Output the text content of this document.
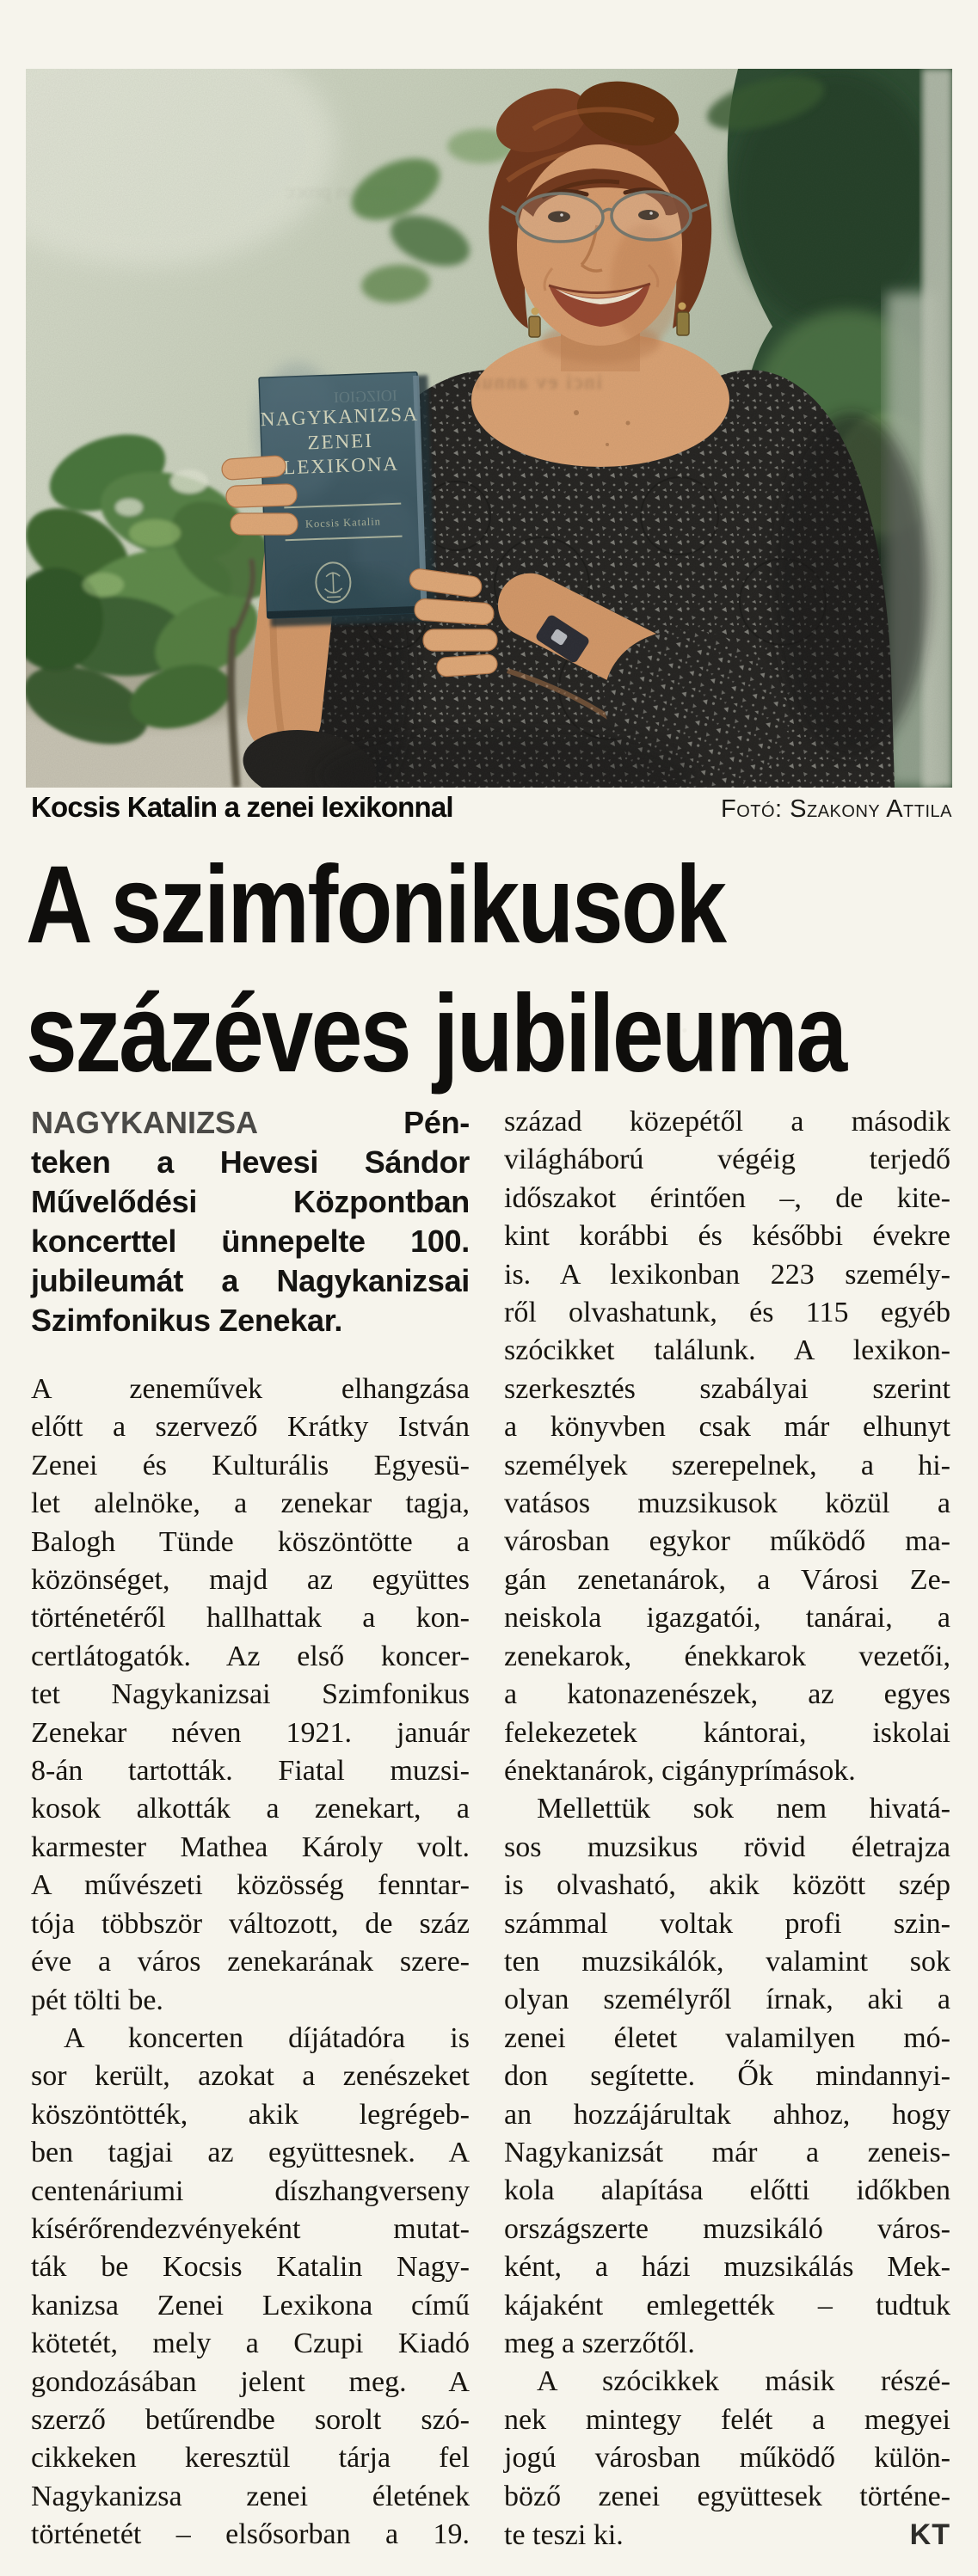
Kocsis Katalin a zenei lexikonnal	Fotó: Szakony Attila
A szimfonikusok
százéves jubileuma
NAGYKANIZSA Pén-
teken a Hevesi Sándor
Művelődési Központban
koncerttel ünnepelte 100.
jubileumát a Nagykanizsai
Szimfonikus Zenekar.
A zeneművek elhangzása
előtt a szervező Krátky István
Zenei és Kulturális Egyesü-
let alelnöke, a zenekar tagja,
Balogh Tünde köszöntötte a
közönséget, majd az együttes
történetéről hallhattak a kon-
certlátogatók. Az első koncer-
tet Nagykanizsai Szimfonikus
Zenekar néven 1921. január
8-án tartották. Fiatal muzsi-
kosok alkották a zenekart, a
karmester Mathea Károly volt.
A művészeti közösség fenntar-
tója többször változott, de száz
éve a város zenekarának szere-
pét tölti be.
A koncerten díjátadóra is
sor került, azokat a zenészeket
köszöntötték, akik legrégeb-
ben tagjai az együttesnek. A
centenáriumi díszhangverseny
kísérőrendezvényeként mutat-
ták be Kocsis Katalin Nagy-
kanizsa Zenei Lexikona című
kötetét, mely a Czupi Kiadó
gondozásában jelent meg. A
szerző betűrendbe sorolt szó-
cikkeken keresztül tárja fel
Nagykanizsa zenei életének
történetét – elsősorban a 19.
század közepétől a második
világháború végéig terjedő
időszakot érintően –, de kite-
kint korábbi és későbbi évekre
is. A lexikonban 223 személy-
ről olvashatunk, és 115 egyéb
szócikket találunk. A lexikon-
szerkesztés szabályai szerint
a könyvben csak már elhunyt
személyek szerepelnek, a hi-
vatásos muzsikusok közül a
városban egykor működő ma-
gán zenetanárok, a Városi Ze-
neiskola igazgatói, tanárai, a
zenekarok, énekkarok vezetői,
a katonazenészek, az egyes
felekezetek kántorai, iskolai
énektanárok, cigányprímások.
Mellettük sok nem hivatá-
sos muzsikus rövid életrajza
is olvasható, akik között szép
számmal voltak profi szin-
ten muzsikálók, valamint sok
olyan személyről írnak, aki a
zenei életet valamilyen mó-
don segítette. Ők mindannyi-
an hozzájárultak ahhoz, hogy
Nagykanizsát már a zeneis-
kola alapítása előtti időkben
országszerte muzsikáló város-
ként, a házi muzsikálás Mek-
kájaként emlegették – tudtuk
meg a szerzőtől.
A szócikkek másik részé-
nek mintegy felét a megyei
jogú városban működő külön-
böző zenei együttesek történe-
te teszi ki.	KT
